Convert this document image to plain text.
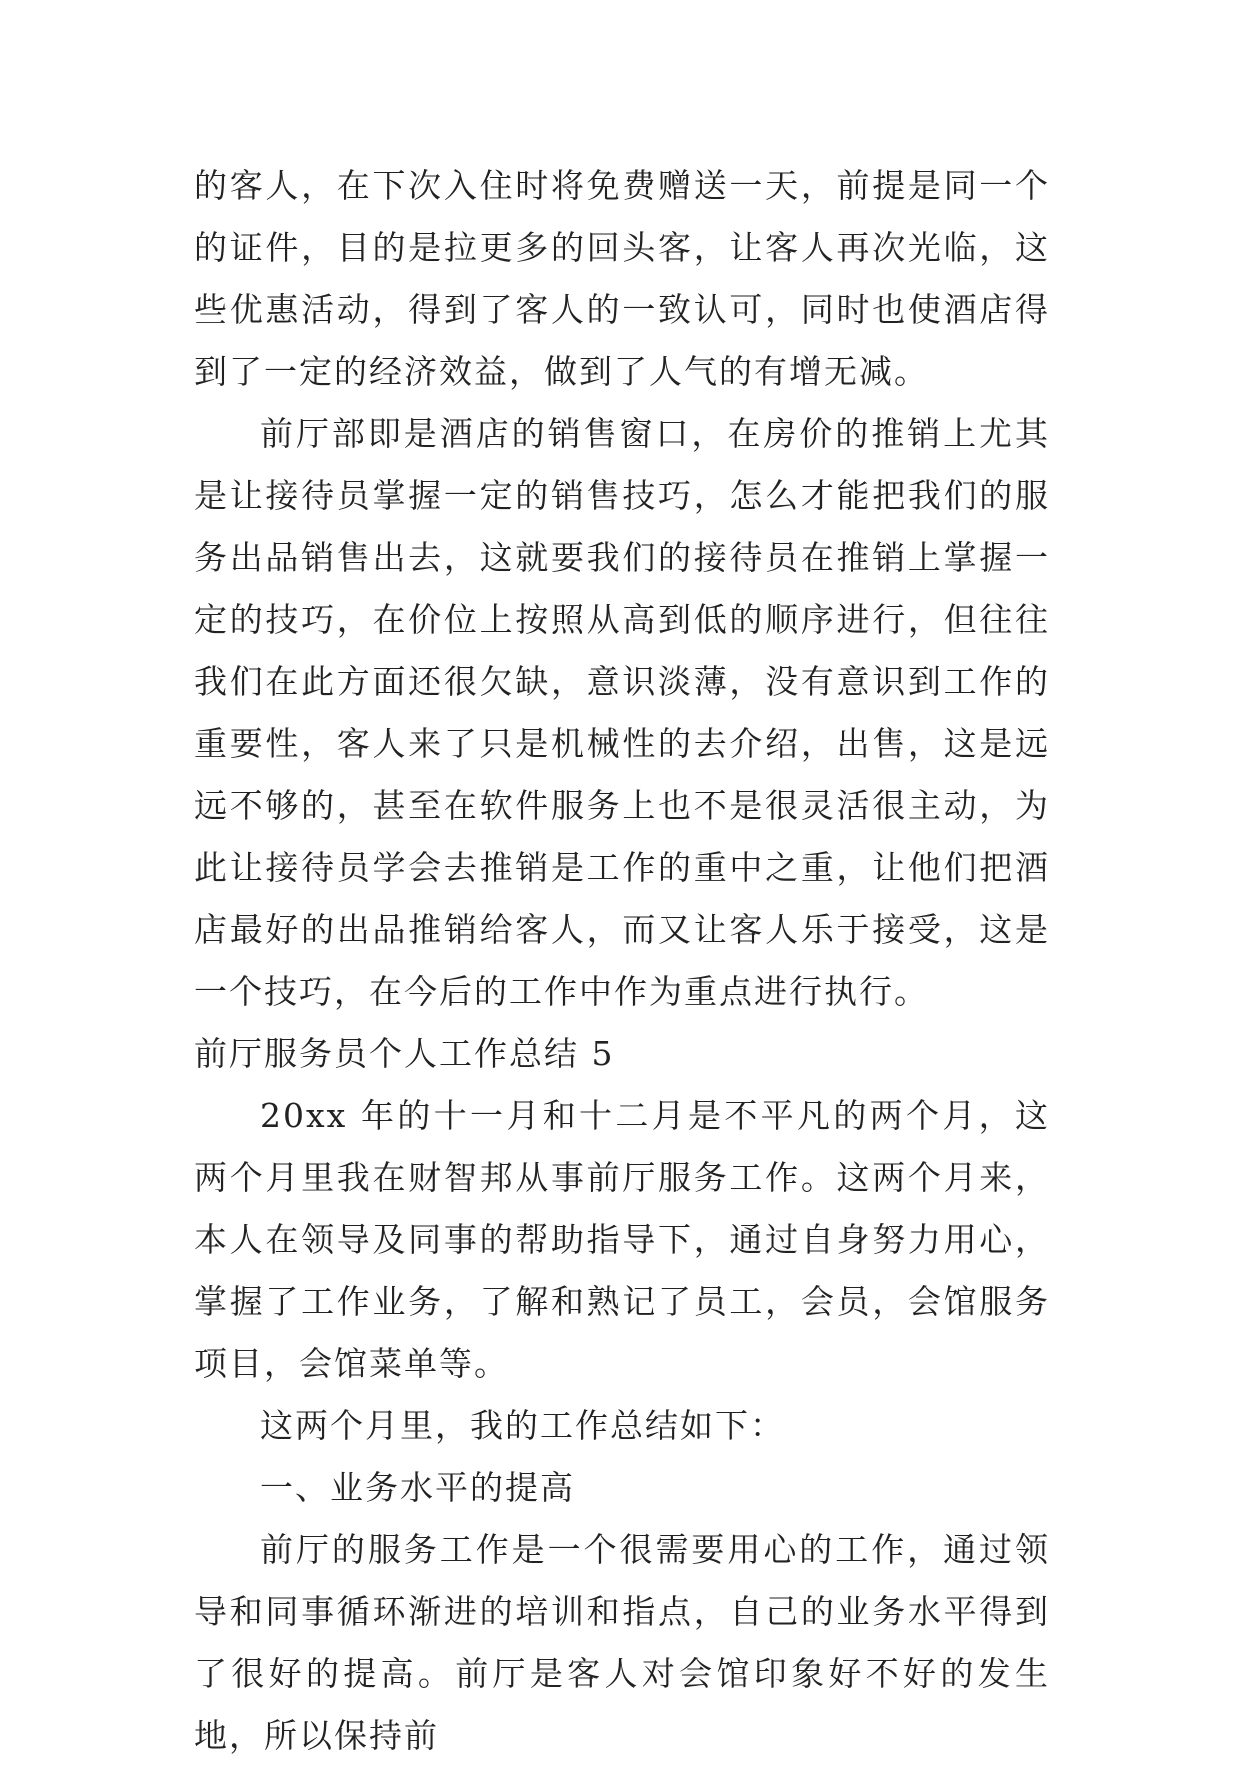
的客人，在下次入住时将免费赠送一天，前提是同一个的证件，目的是拉更多的回头客，让客人再次光临，这些优惠活动，得到了客人的一致认可，同时也使酒店得到了一定的经济效益，做到了人气的有增无减。

前厅部即是酒店的销售窗口，在房价的推销上尤其是让接待员掌握一定的销售技巧，怎么才能把我们的服务出品销售出去，这就要我们的接待员在推销上掌握一定的技巧，在价位上按照从高到低的顺序进行，但往往我们在此方面还很欠缺，意识淡薄，没有意识到工作的重要性，客人来了只是机械性的去介绍，出售，这是远远不够的，甚至在软件服务上也不是很灵活很主动，为此让接待员学会去推销是工作的重中之重，让他们把酒店最好的出品推销给客人，而又让客人乐于接受，这是一个技巧，在今后的工作中作为重点进行执行。

前厅服务员个人工作总结 5

20xx 年的十一月和十二月是不平凡的两个月，这两个月里我在财智邦从事前厅服务工作。这两个月来，本人在领导及同事的帮助指导下，通过自身努力用心，掌握了工作业务，了解和熟记了员工，会员，会馆服务项目，会馆菜单等。

这两个月里，我的工作总结如下：

一、业务水平的提高

前厅的服务工作是一个很需要用心的工作，通过领导和同事循环渐进的培训和指点，自己的业务水平得到了很好的提高。前厅是客人对会馆印象好不好的发生地，所以保持前
